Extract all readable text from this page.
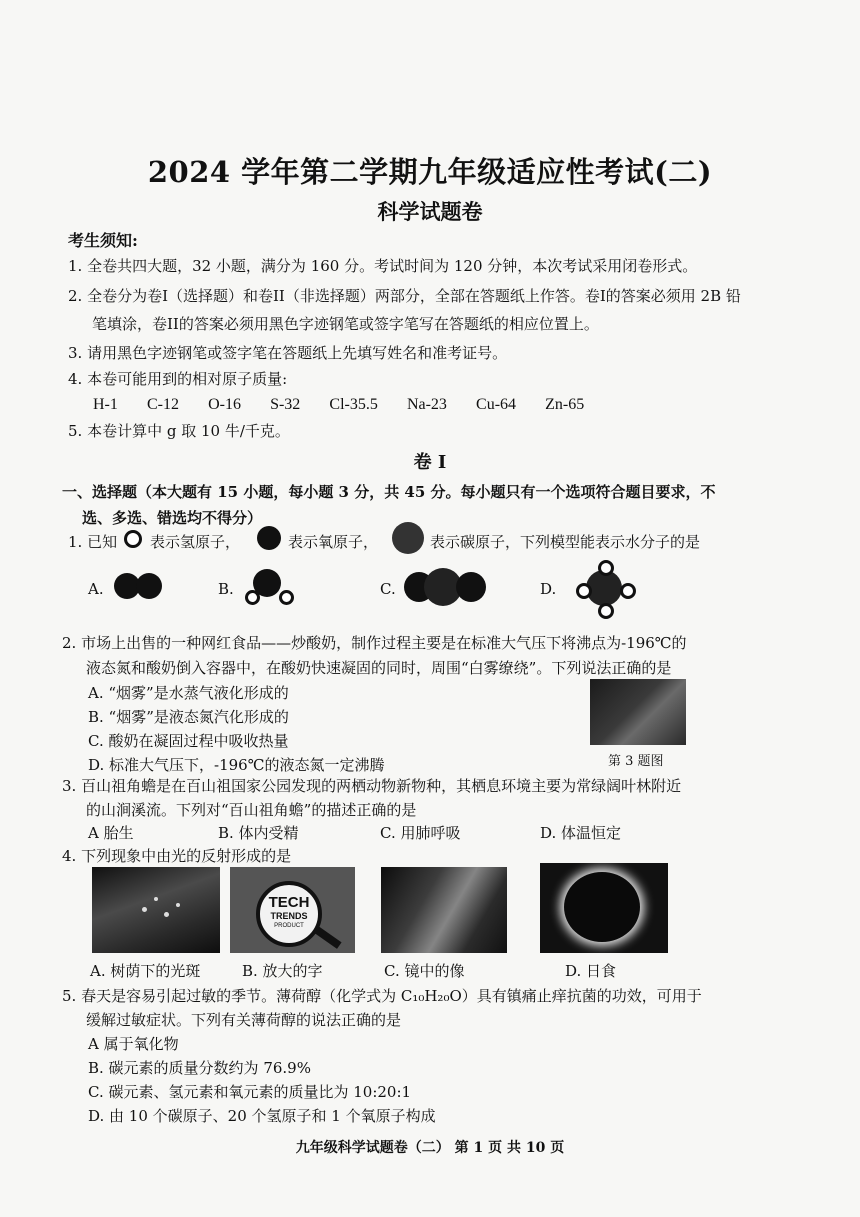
2024 学年第二学期九年级适应性考试(二)
科学试题卷
考生须知:
1. 全卷共四大题，32 小题，满分为 160 分。考试时间为 120 分钟，本次考试采用闭卷形式。
2. 全卷分为卷I（选择题）和卷II（非选择题）两部分，全部在答题纸上作答。卷I的答案必须用 2B 铅
笔填涂，卷II的答案必须用黑色字迹钢笔或签字笔写在答题纸的相应位置上。
3. 请用黑色字迹钢笔或签字笔在答题纸上先填写姓名和准考证号。
4. 本卷可能用到的相对原子质量:
H-1 C-12 O-16 S-32 Cl-35.5 Na-23 Cu-64 Zn-65
5. 本卷计算中 g 取 10 牛/千克。
卷 I
一、选择题（本大题有 15 小题，每小题 3 分，共 45 分。每小题只有一个选项符合题目要求，不
选、多选、错选均不得分）
1. 已知 表示氢原子，	表示氧原子，	表示碳原子，下列模型能表示水分子的是
A.	B.	C.	D.
2. 市场上出售的一种网红食品——炒酸奶，制作过程主要是在标准大气压下将沸点为-196℃的
液态氮和酸奶倒入容器中，在酸奶快速凝固的同时，周围“白雾缭绕”。下列说法正确的是
A. “烟雾”是水蒸气液化形成的
B. “烟雾”是液态氮汽化形成的
C. 酸奶在凝固过程中吸收热量
D. 标准大气压下，-196℃的液态氮一定沸腾	第 3 题图
3. 百山祖角蟾是在百山祖国家公园发现的两栖动物新物种，其栖息环境主要为常绿阔叶林附近
的山涧溪流。下列对“百山祖角蟾”的描述正确的是
A 胎生	B. 体内受精	C. 用肺呼吸	D. 体温恒定
4. 下列现象中由光的反射形成的是
TECH
TRENDS
PRODUCT
A. 树荫下的光斑	B. 放大的字	C. 镜中的像	D. 日食
5. 春天是容易引起过敏的季节。薄荷醇（化学式为 C₁₀H₂₀O）具有镇痛止痒抗菌的功效，可用于
缓解过敏症状。下列有关薄荷醇的说法正确的是
A 属于氧化物
B. 碳元素的质量分数约为 76.9%
C. 碳元素、氢元素和氧元素的质量比为 10:20:1
D. 由 10 个碳原子、20 个氢原子和 1 个氧原子构成
九年级科学试题卷（二） 第 1 页 共 10 页
